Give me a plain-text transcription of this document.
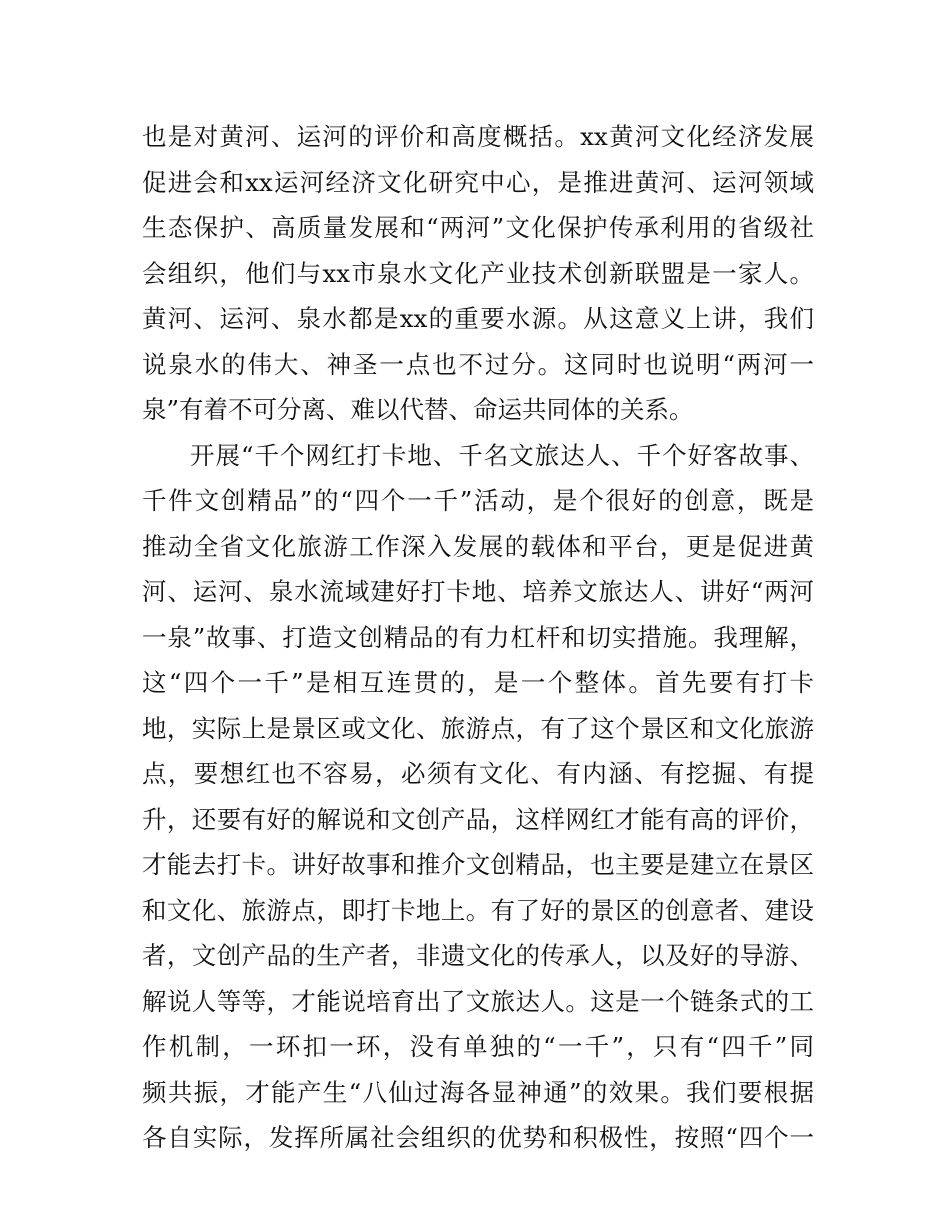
也是对黄河、运河的评价和高度概括。xx黄河文化经济发展
促进会和xx运河经济文化研究中心，是推进黄河、运河领域
生态保护、高质量发展和“两河”文化保护传承利用的省级社
会组织，他们与xx市泉水文化产业技术创新联盟是一家人。
黄河、运河、泉水都是xx的重要水源。从这意义上讲，我们
说泉水的伟大、神圣一点也不过分。这同时也说明“两河一
泉”有着不可分离、难以代替、命运共同体的关系。
开展“千个网红打卡地、千名文旅达人、千个好客故事、
千件文创精品”的“四个一千”活动，是个很好的创意，既是
推动全省文化旅游工作深入发展的载体和平台，更是促进黄
河、运河、泉水流域建好打卡地、培养文旅达人、讲好“两河
一泉”故事、打造文创精品的有力杠杆和切实措施。我理解，
这“四个一千”是相互连贯的，是一个整体。首先要有打卡
地，实际上是景区或文化、旅游点，有了这个景区和文化旅游
点，要想红也不容易，必须有文化、有内涵、有挖掘、有提
升，还要有好的解说和文创产品，这样网红才能有高的评价，
才能去打卡。讲好故事和推介文创精品，也主要是建立在景区
和文化、旅游点，即打卡地上。有了好的景区的创意者、建设
者，文创产品的生产者，非遗文化的传承人，以及好的导游、
解说人等等，才能说培育出了文旅达人。这是一个链条式的工
作机制，一环扣一环，没有单独的“一千”，只有“四千”同
频共振，才能产生“八仙过海各显神通”的效果。我们要根据
各自实际，发挥所属社会组织的优势和积极性，按照“四个一
